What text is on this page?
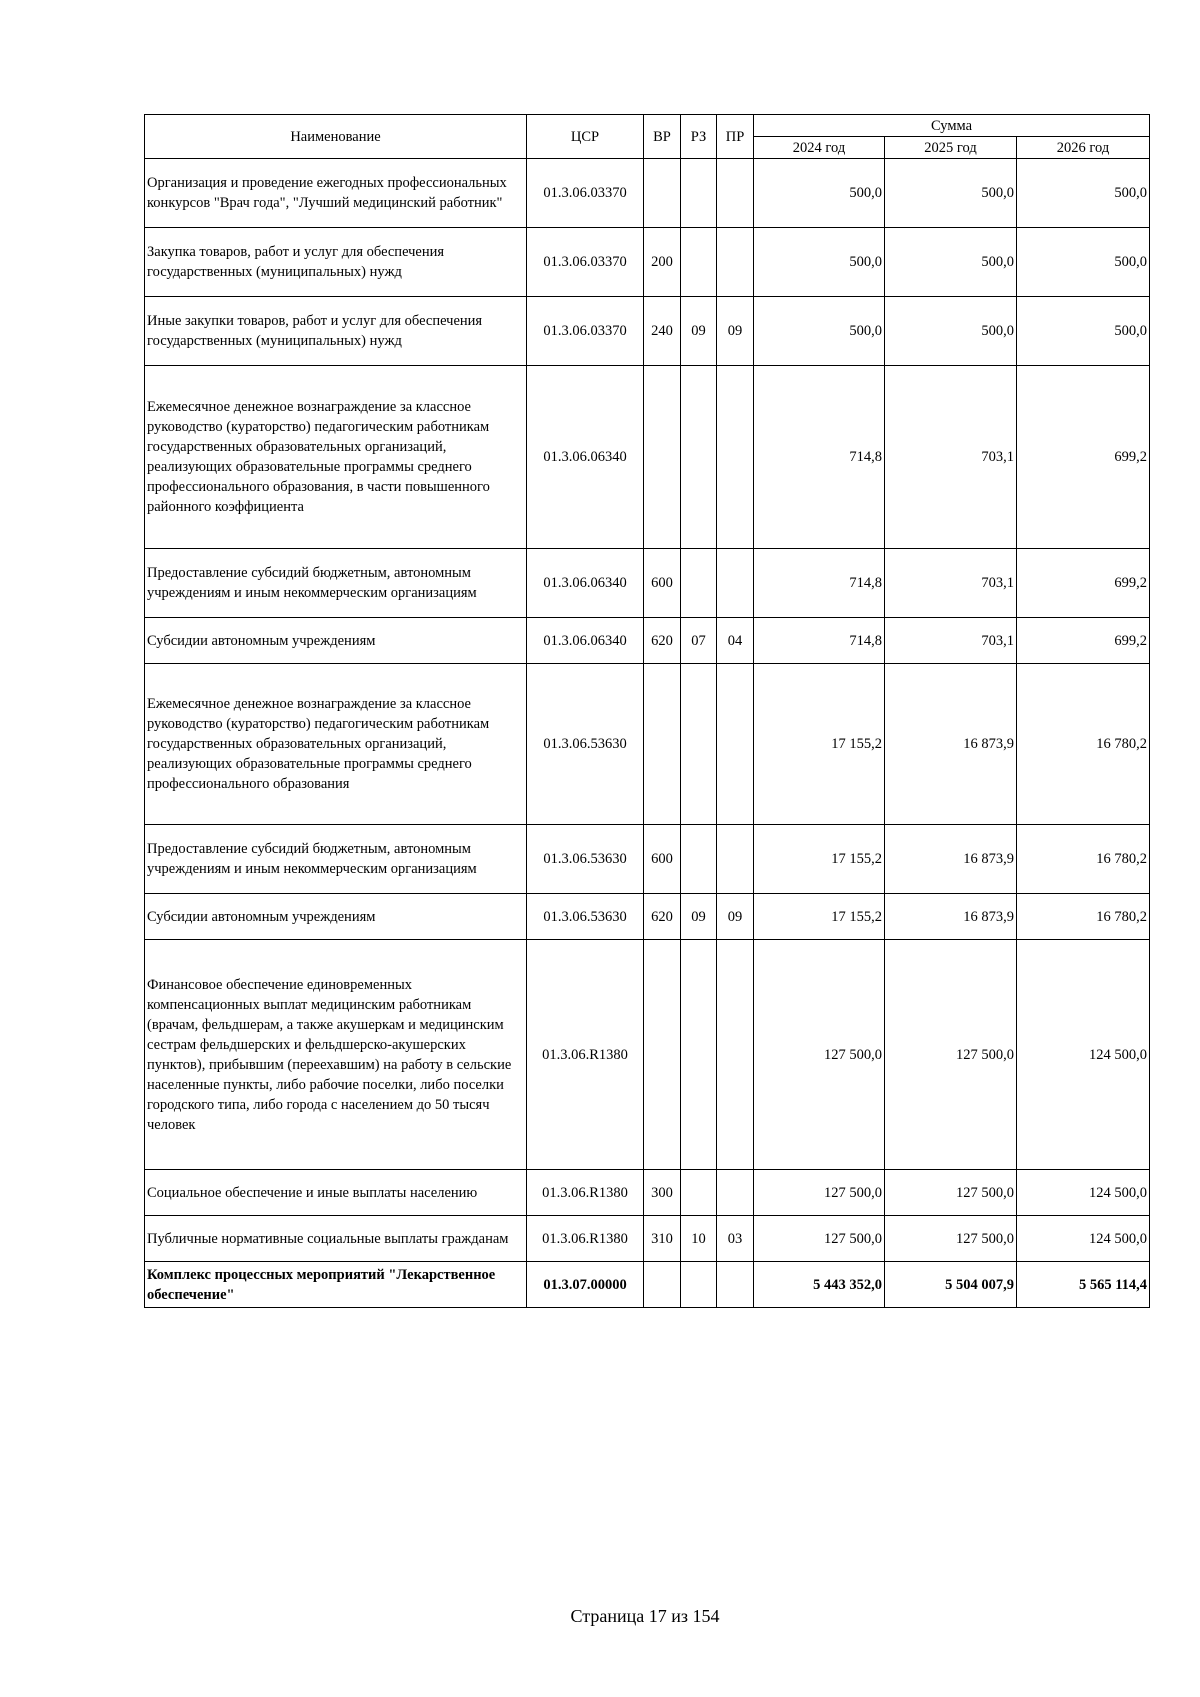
Наименование	ЦСР	ВР	РЗ	ПР	Сумма		
					2024 год	2025 год	2026 год
Организация и проведение ежегодных профессиональных конкурсов "Врач года", "Лучший медицинский работник"	01.3.06.03370				500,0	500,0	500,0
Закупка товаров, работ и услуг для обеспечения государственных (муниципальных) нужд	01.3.06.03370	200			500,0	500,0	500,0
Иные закупки товаров, работ и услуг для обеспечения государственных (муниципальных) нужд	01.3.06.03370	240	09	09	500,0	500,0	500,0
Ежемесячное денежное вознаграждение за классное руководство (кураторство) педагогическим работникам государственных образовательных организаций, реализующих образовательные программы среднего профессионального образования, в части повышенного районного коэффициента	01.3.06.06340				714,8	703,1	699,2
Предоставление субсидий бюджетным, автономным учреждениям и иным некоммерческим организациям	01.3.06.06340	600			714,8	703,1	699,2
Субсидии автономным учреждениям	01.3.06.06340	620	07	04	714,8	703,1	699,2
Ежемесячное денежное вознаграждение за классное руководство (кураторство) педагогическим работникам государственных образовательных организаций, реализующих образовательные программы среднего профессионального образования	01.3.06.53630				17 155,2	16 873,9	16 780,2
Предоставление субсидий бюджетным, автономным учреждениям и иным некоммерческим организациям	01.3.06.53630	600			17 155,2	16 873,9	16 780,2
Субсидии автономным учреждениям	01.3.06.53630	620	09	09	17 155,2	16 873,9	16 780,2
Финансовое обеспечение единовременных компенсационных выплат медицинским работникам (врачам, фельдшерам, а также акушеркам и медицинским сестрам фельдшерских и фельдшерско-акушерских пунктов), прибывшим (переехавшим) на работу в сельские населенные пункты, либо рабочие поселки, либо поселки городского типа, либо города с населением до 50 тысяч человек	01.3.06.R1380				127 500,0	127 500,0	124 500,0
Социальное обеспечение и иные выплаты населению	01.3.06.R1380	300			127 500,0	127 500,0	124 500,0
Публичные нормативные социальные выплаты гражданам	01.3.06.R1380	310	10	03	127 500,0	127 500,0	124 500,0
Комплекс процессных мероприятий "Лекарственное обеспечение"	01.3.07.00000				5 443 352,0	5 504 007,9	5 565 114,4
Страница 17 из 154
